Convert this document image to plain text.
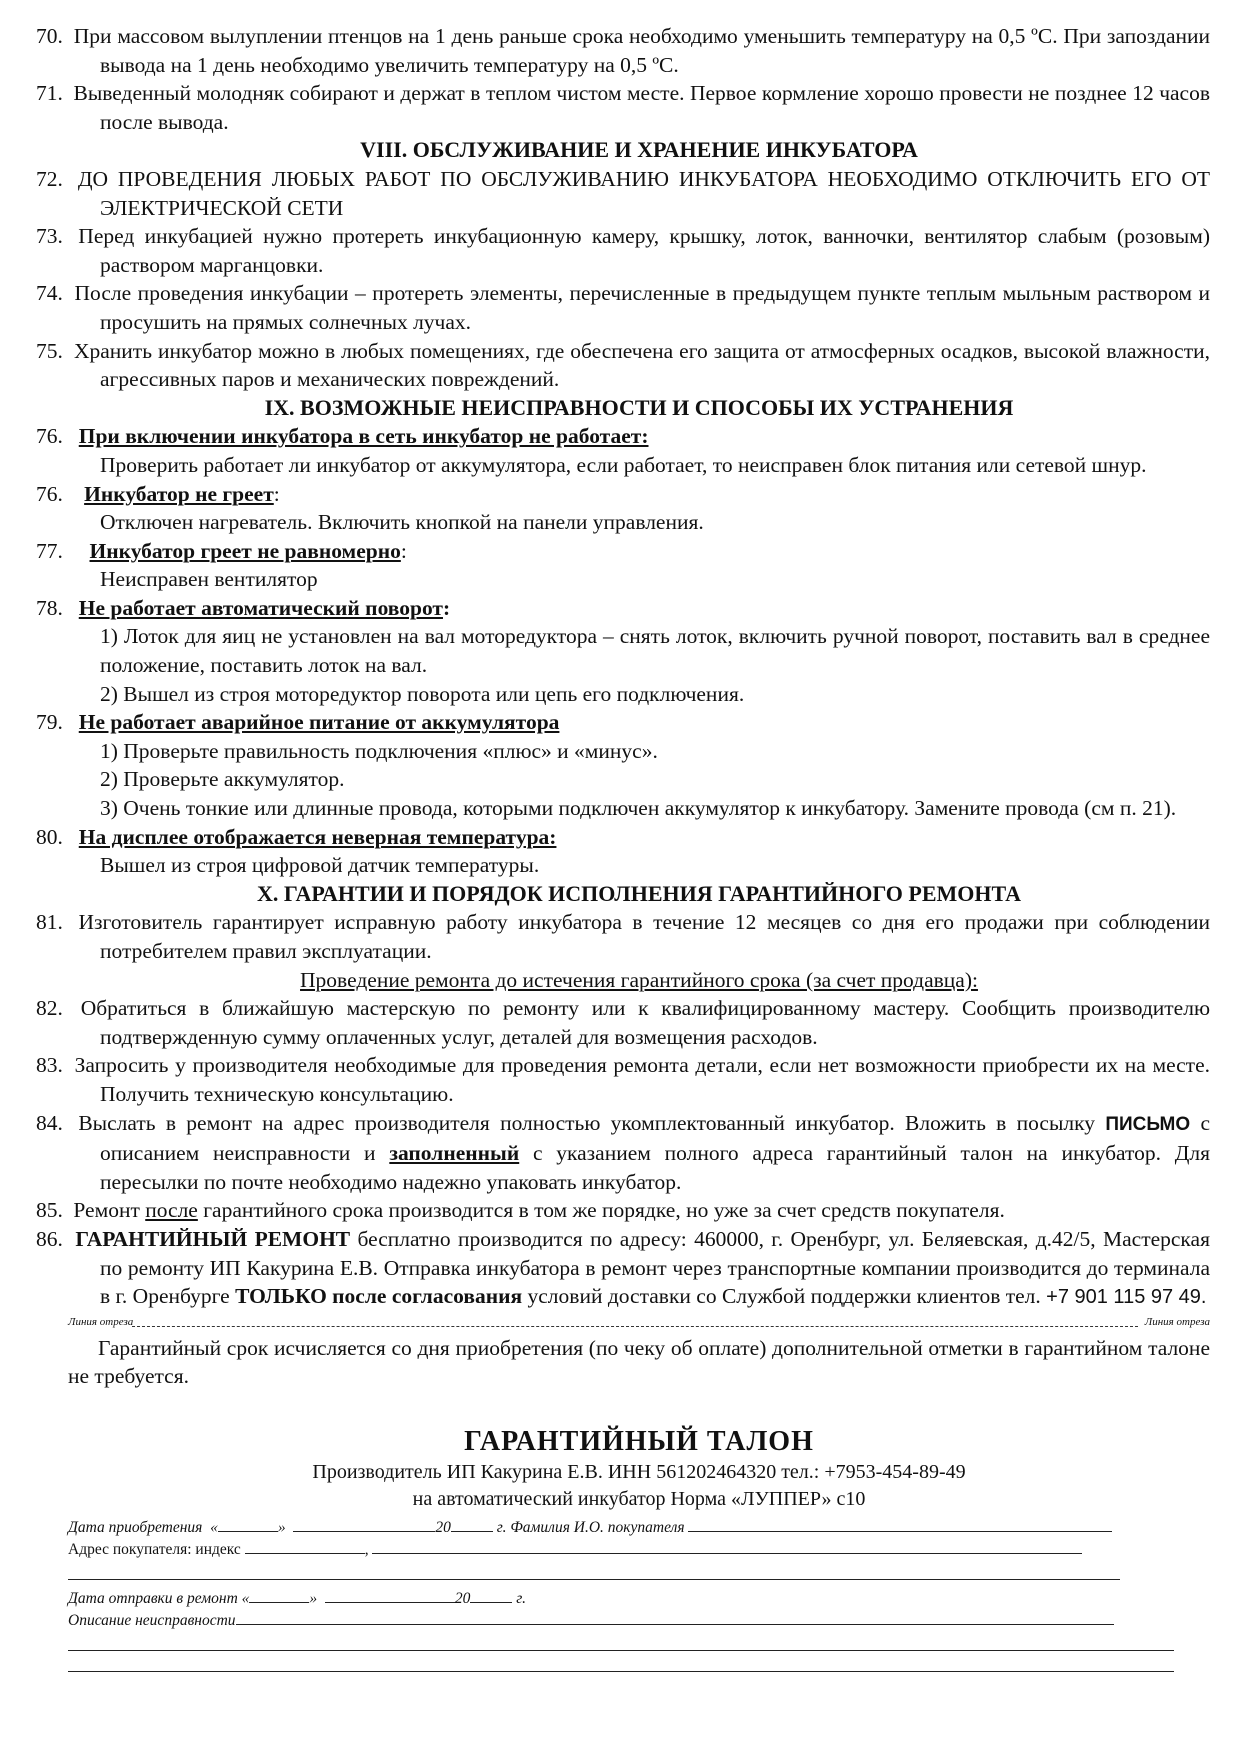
70. При массовом вылуплении птенцов на 1 день раньше срока необходимо уменьшить температуру на 0,5 ºС. При запоздании вывода на 1 день необходимо увеличить температуру на 0,5 ºС.
71. Выведенный молодняк собирают и держат в теплом чистом месте. Первое кормление хорошо провести не позднее 12 часов после вывода.
VIII. ОБСЛУЖИВАНИЕ И ХРАНЕНИЕ ИНКУБАТОРА
72. ДО ПРОВЕДЕНИЯ ЛЮБЫХ РАБОТ ПО ОБСЛУЖИВАНИЮ ИНКУБАТОРА НЕОБХОДИМО ОТКЛЮЧИТЬ ЕГО ОТ ЭЛЕКТРИЧЕСКОЙ СЕТИ
73. Перед инкубацией нужно протереть инкубационную камеру, крышку, лоток, ванночки, вентилятор слабым (розовым) раствором марганцовки.
74. После проведения инкубации – протереть элементы, перечисленные в предыдущем пункте теплым мыльным раствором и просушить на прямых солнечных лучах.
75. Хранить инкубатор можно в любых помещениях, где обеспечена его защита от атмосферных осадков, высокой влажности, агрессивных паров и механических повреждений.
IX. ВОЗМОЖНЫЕ НЕИСПРАВНОСТИ И СПОСОБЫ ИХ УСТРАНЕНИЯ
76. При включении инкубатора в сеть инкубатор не работает:
Проверить работает ли инкубатор от аккумулятора, если работает, то неисправен блок питания или сетевой шнур.
76. Инкубатор не греет:
Отключен нагреватель. Включить кнопкой на панели управления.
77. Инкубатор греет не равномерно:
Неисправен вентилятор
78. Не работает автоматический поворот:
1) Лоток для яиц не установлен на вал моторедуктора – снять лоток, включить ручной поворот, поставить вал в среднее положение, поставить лоток на вал.
2) Вышел из строя моторедуктор поворота или цепь его подключения.
79. Не работает аварийное питание от аккумулятора
1) Проверьте правильность подключения «плюс» и «минус».
2) Проверьте аккумулятор.
3) Очень тонкие или длинные провода, которыми подключен аккумулятор к инкубатору. Замените провода (см п. 21).
80. На дисплее отображается неверная температура:
Вышел из строя цифровой датчик температуры.
X. ГАРАНТИИ И ПОРЯДОК ИСПОЛНЕНИЯ ГАРАНТИЙНОГО РЕМОНТА
81. Изготовитель гарантирует исправную работу инкубатора в течение 12 месяцев со дня его продажи при соблюдении потребителем правил эксплуатации.
Проведение ремонта до истечения гарантийного срока (за счет продавца):
82. Обратиться в ближайшую мастерскую по ремонту или к квалифицированному мастеру. Сообщить производителю подтвержденную сумму оплаченных услуг, деталей для возмещения расходов.
83. Запросить у производителя необходимые для проведения ремонта детали, если нет возможности приобрести их на месте. Получить техническую консультацию.
84. Выслать в ремонт на адрес производителя полностью укомплектованный инкубатор. Вложить в посылку ПИСЬМО с описанием неисправности и заполненный с указанием полного адреса гарантийный талон на инкубатор. Для пересылки по почте необходимо надежно упаковать инкубатор.
85. Ремонт после гарантийного срока производится в том же порядке, но уже за счет средств покупателя.
86. ГАРАНТИЙНЫЙ РЕМОНТ бесплатно производится по адресу: 460000, г. Оренбург, ул. Беляевская, д.42/5, Мастерская по ремонту ИП Какурина Е.В. Отправка инкубатора в ремонт через транспортные компании производится до терминала в г. Оренбурге ТОЛЬКО после согласования условий доставки со Службой поддержки клиентов тел. +7 901 115 97 49.
Линия отреза	Линия отреза
Гарантийный срок исчисляется со дня приобретения (по чеку об оплате) дополнительной отметки в гарантийном талоне не требуется.
ГАРАНТИЙНЫЙ ТАЛОН
Производитель ИП Какурина Е.В. ИНН 561202464320 тел.: +7953-454-89-49
на автоматический инкубатор Норма «ЛУППЕР» с10
Дата приобретения «	»	20	г. Фамилия И.О. покупателя
Адрес покупателя: индекс	,
Дата отправки в ремонт «	»	20	г.
Описание неисправности
